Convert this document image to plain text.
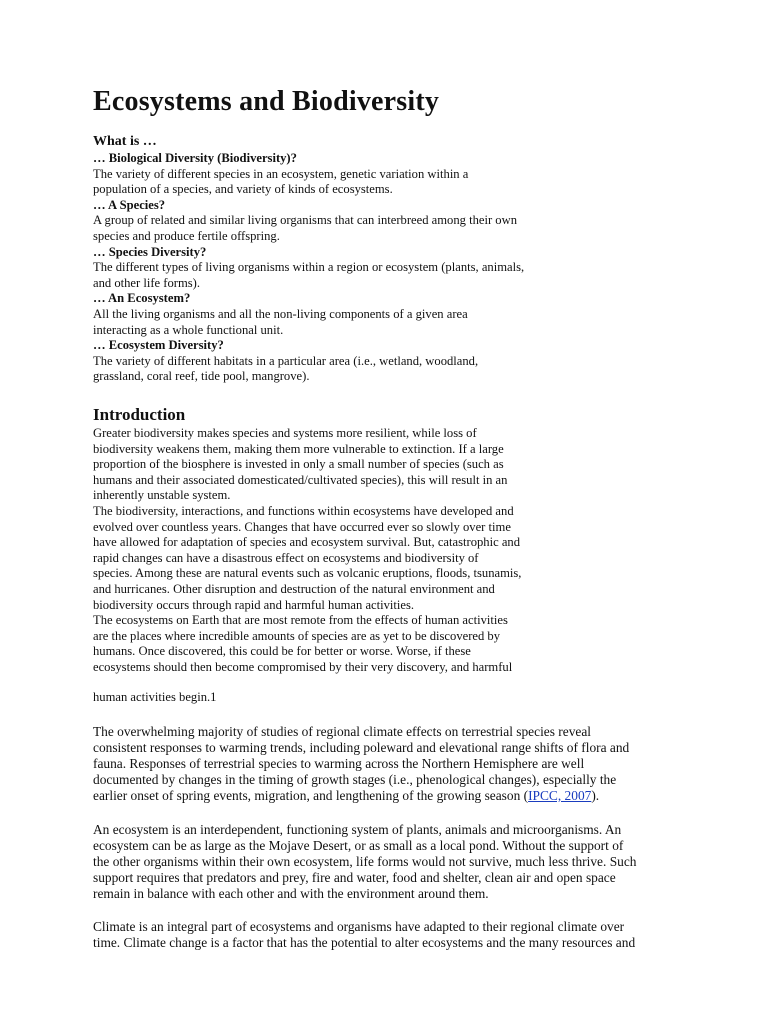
Ecosystems and Biodiversity
What is …
… Biological Diversity (Biodiversity)?
The variety of different species in an ecosystem, genetic variation within a
population of a species, and variety of kinds of ecosystems.
… A Species?
A group of related and similar living organisms that can interbreed among their own
species and produce fertile offspring.
… Species Diversity?
The different types of living organisms within a region or ecosystem (plants, animals,
and other life forms).
… An Ecosystem?
All the living organisms and all the non-living components of a given area
interacting as a whole functional unit.
… Ecosystem Diversity?
The variety of different habitats in a particular area (i.e., wetland, woodland,
grassland, coral reef, tide pool, mangrove).
Introduction
Greater biodiversity makes species and systems more resilient, while loss of
biodiversity weakens them, making them more vulnerable to extinction. If a large
proportion of the biosphere is invested in only a small number of species (such as
humans and their associated domesticated/cultivated species), this will result in an
inherently unstable system.
The biodiversity, interactions, and functions within ecosystems have developed and
evolved over countless years. Changes that have occurred ever so slowly over time
have allowed for adaptation of species and ecosystem survival. But, catastrophic and
rapid changes can have a disastrous effect on ecosystems and biodiversity of
species. Among these are natural events such as volcanic eruptions, floods, tsunamis,
and hurricanes. Other disruption and destruction of the natural environment and
biodiversity occurs through rapid and harmful human activities.
The ecosystems on Earth that are most remote from the effects of human activities
are the places where incredible amounts of species are as yet to be discovered by
humans. Once discovered, this could be for better or worse. Worse, if these
ecosystems should then become compromised by their very discovery, and harmful
human activities begin.1
The overwhelming majority of studies of regional climate effects on terrestrial species reveal
consistent responses to warming trends, including poleward and elevational range shifts of flora and
fauna. Responses of terrestrial species to warming across the Northern Hemisphere are well
documented by changes in the timing of growth stages (i.e., phenological changes), especially the
earlier onset of spring events, migration, and lengthening of the growing season (IPCC, 2007).
An ecosystem is an interdependent, functioning system of plants, animals and microorganisms. An
ecosystem can be as large as the Mojave Desert, or as small as a local pond. Without the support of
the other organisms within their own ecosystem, life forms would not survive, much less thrive. Such
support requires that predators and prey, fire and water, food and shelter, clean air and open space
remain in balance with each other and with the environment around them.
Climate is an integral part of ecosystems and organisms have adapted to their regional climate over
time. Climate change is a factor that has the potential to alter ecosystems and the many resources and
